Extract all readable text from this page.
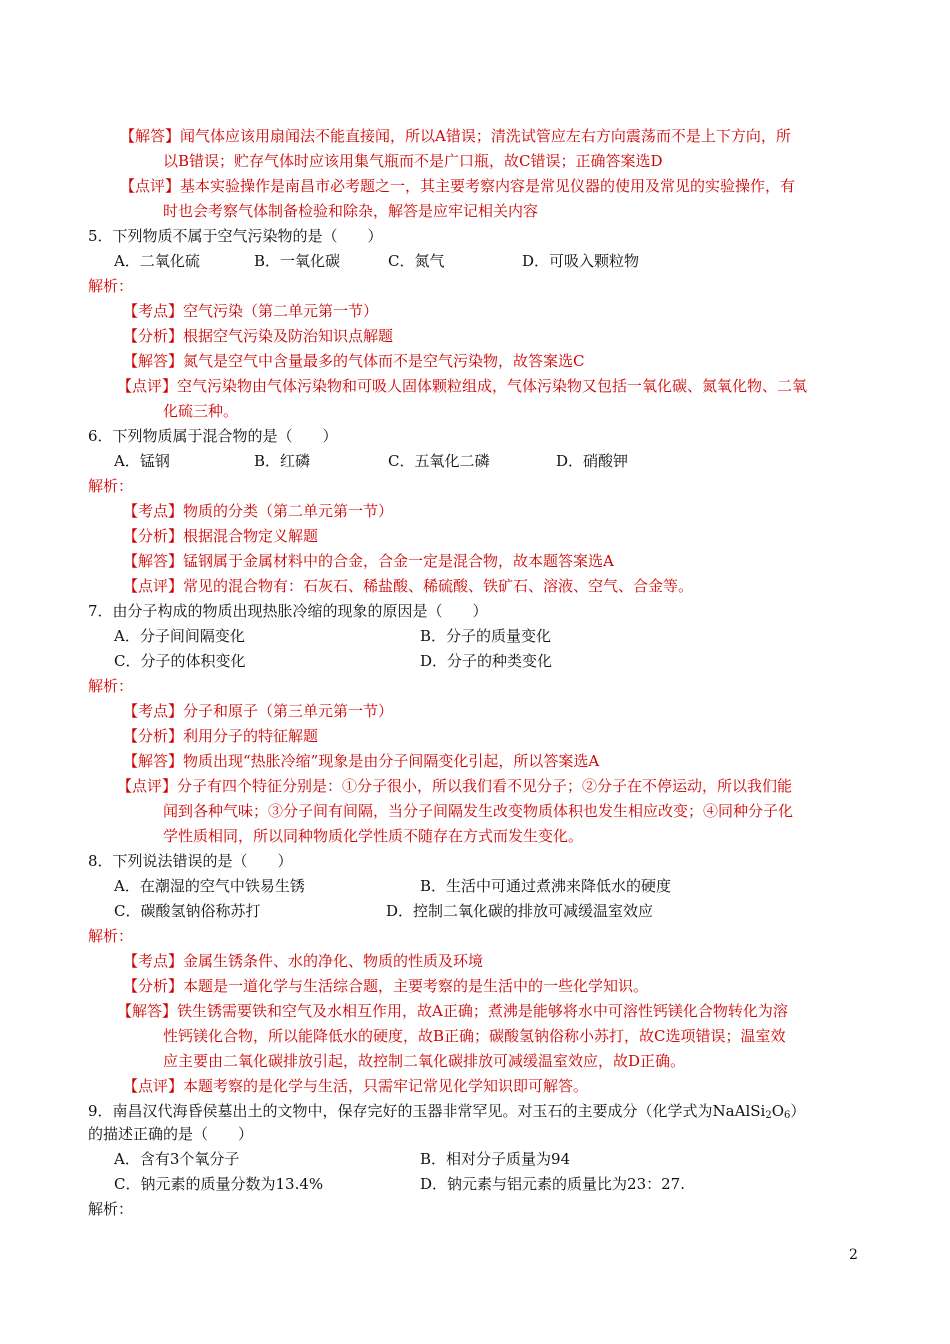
【解答】闻气体应该用扇闻法不能直接闻，所以A错误；清洗试管应左右方向震荡而不是上下方向，所
以B错误；贮存气体时应该用集气瓶而不是广口瓶，故C错误；正确答案选D
【点评】基本实验操作是南昌市必考题之一，其主要考察内容是常见仪器的使用及常见的实验操作，有
时也会考察气体制备检验和除杂，解答是应牢记相关内容
5．下列物质不属于空气污染物的是（　　）
A．二氧化硫	B．一氧化碳	C．氮气	D．可吸入颗粒物
解析：
【考点】空气污染（第二单元第一节）
【分析】根据空气污染及防治知识点解题
【解答】氮气是空气中含量最多的气体而不是空气污染物，故答案选C
【点评】空气污染物由气体污染物和可吸人固体颗粒组成，气体污染物又包括一氧化碳、氮氧化物、二氧
化硫三种。
6．下列物质属于混合物的是（　　）
A．锰钢	B．红磷	C．五氧化二磷	D．硝酸钾
解析：
【考点】物质的分类（第二单元第一节）
【分析】根据混合物定义解题
【解答】锰钢属于金属材料中的合金，合金一定是混合物，故本题答案选A
【点评】常见的混合物有：石灰石、稀盐酸、稀硫酸、铁矿石、溶液、空气、合金等。
7．由分子构成的物质出现热胀冷缩的现象的原因是（　　）
A．分子间间隔变化	B．分子的质量变化
C．分子的体积变化	D．分子的种类变化
解析：
【考点】分子和原子（第三单元第一节）
【分析】利用分子的特征解题
【解答】物质出现“热胀冷缩”现象是由分子间隔变化引起，所以答案选A
【点评】分子有四个特征分别是：①分子很小，所以我们看不见分子；②分子在不停运动，所以我们能
闻到各种气味；③分子间有间隔，当分子间隔发生改变物质体积也发生相应改变；④同种分子化
学性质相同，所以同种物质化学性质不随存在方式而发生变化。
8．下列说法错误的是（　　）
A．在潮湿的空气中铁易生锈	B．生活中可通过煮沸来降低水的硬度
C．碳酸氢钠俗称苏打	D．控制二氧化碳的排放可减缓温室效应
解析：
【考点】金属生锈条件、水的净化、物质的性质及环境
【分析】本题是一道化学与生活综合题，主要考察的是生活中的一些化学知识。
【解答】铁生锈需要铁和空气及水相互作用，故A正确；煮沸是能够将水中可溶性钙镁化合物转化为溶
性钙镁化合物，所以能降低水的硬度，故B正确；碳酸氢钠俗称小苏打，故C选项错误；温室效
应主要由二氧化碳排放引起，故控制二氧化碳排放可减缓温室效应，故D正确。
【点评】本题考察的是化学与生活，只需牢记常见化学知识即可解答。
9．南昌汉代海昏侯墓出土的文物中，保存完好的玉器非常罕见。对玉石的主要成分（化学式为$NaAlSi_2O_6$）
的描述正确的是（　　）
A．含有3个氧分子	B．相对分子质量为94
C．钠元素的质量分数为13.4%	D．钠元素与铝元素的质量比为23：27.
解析：
2
